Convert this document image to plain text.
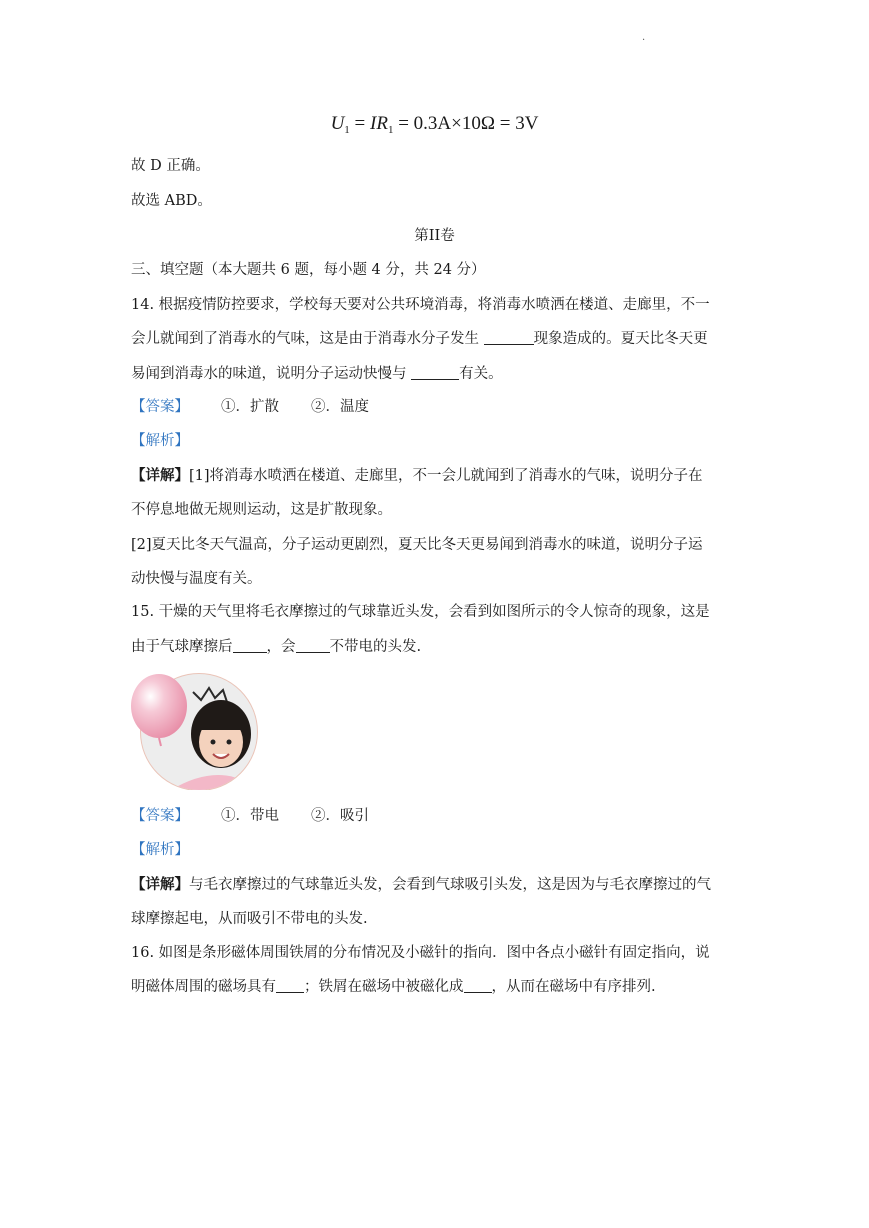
.
$U_1 = IR_1 = 0.3A\times 10\Omega = 3V$
故 D 正确。
故选 ABD。
第II卷
三、填空题（本大题共 6 题，每小题 4 分，共 24 分）
14. 根据疫情防控要求，学校每天要对公共环境消毒，将消毒水喷洒在楼道、走廊里，不一
会儿就闻到了消毒水的气味，这是由于消毒水分子发生	现象造成的。夏天比冬天更
易闻到消毒水的味道，说明分子运动快慢与	有关。
【答案】 ①．扩散 ②．温度
【解析】
【详解】[1]将消毒水喷洒在楼道、走廊里，不一会儿就闻到了消毒水的气味，说明分子在
不停息地做无规则运动，这是扩散现象。
[2]夏天比冬天气温高，分子运动更剧烈，夏天比冬天更易闻到消毒水的味道，说明分子运
动快慢与温度有关。
15. 干燥的天气里将毛衣摩擦过的气球靠近头发，会看到如图所示的令人惊奇的现象，这是
由于气球摩擦后 ，会 不带电的头发.
【答案】 ①．带电 ②．吸引
【解析】
【详解】与毛衣摩擦过的气球靠近头发，会看到气球吸引头发，这是因为与毛衣摩擦过的气
球摩擦起电，从而吸引不带电的头发.
16. 如图是条形磁体周围铁屑的分布情况及小磁针的指向．图中各点小磁针有固定指向，说
明磁体周围的磁场具有 ；铁屑在磁场中被磁化成 ，从而在磁场中有序排列.
